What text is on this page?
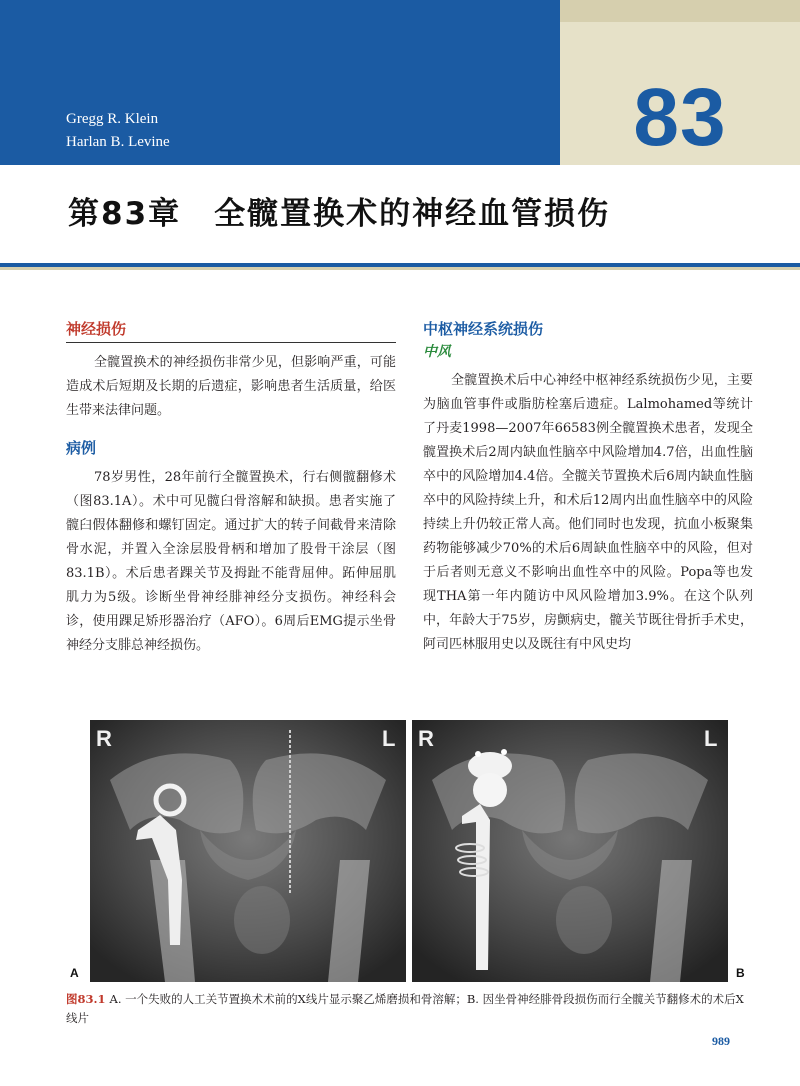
Gregg R. Klein
Harlan B. Levine	83
第83章　全髋置换术的神经血管损伤
神经损伤

全髋置换术的神经损伤非常少见，但影响严重，可能造成术后短期及长期的后遗症，影响患者生活质量，给医生带来法律问题。

病例

78岁男性，28年前行全髋置换术，行右侧髋翻修术（图83.1A）。术中可见髋臼骨溶解和缺损。患者实施了髋臼假体翻修和螺钉固定。通过扩大的转子间截骨来清除骨水泥，并置入全涂层股骨柄和增加了股骨干涂层（图83.1B）。术后患者踝关节及拇趾不能背屈伸。跖伸屈肌肌力为5级。诊断坐骨神经腓神经分支损伤。神经科会诊，使用踝足矫形器治疗（AFO）。6周后EMG提示坐骨神经分支腓总神经损伤。

中枢神经系统损伤
中风

全髋置换术后中心神经中枢神经系统损伤少见，主要为脑血管事件或脂肪栓塞后遗症。Lalmohamed等统计了丹麦1998—2007年66583例全髋置换术患者，发现全髋置换术后2周内缺血性脑卒中风险增加4.7倍，出血性脑卒中的风险增加4.4倍。全髋关节置换术后6周内缺血性脑卒中的风险持续上升，和术后12周内出血性脑卒中的风险持续上升仍较正常人高。他们同时也发现，抗血小板聚集药物能够减少70%的术后6周缺血性脑卒中的风险，但对于后者则无意义不影响出血性卒中的风险。Popa等也发现THA第一年内随访中风风险增加3.9%。在这个队列中，年龄大于75岁，房颤病史，髋关节既往骨折手术史，阿司匹林服用史以及既往有中风史均

R	L R	L
A	B
图83.1 A. 一个失败的人工关节置换术术前的X线片显示聚乙烯磨损和骨溶解；B. 因坐骨神经腓骨段损伤而行全髋关节翻修术的术后X线片
989
